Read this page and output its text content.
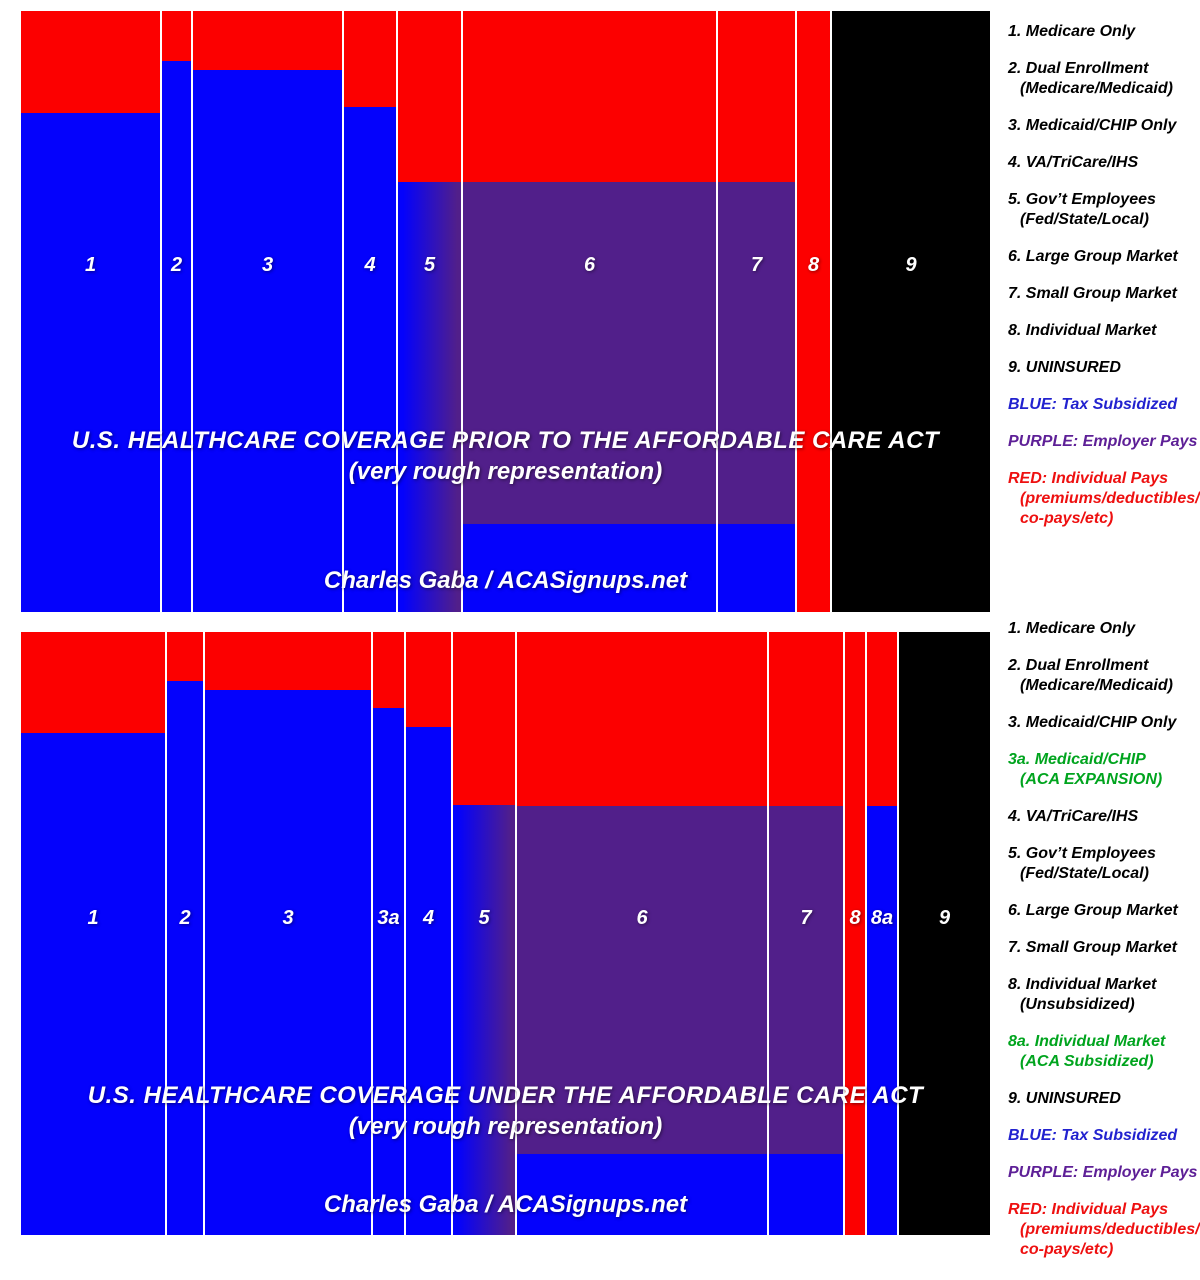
1	2	3	4	5	6	7	8	9
U.S. HEALTHCARE COVERAGE PRIOR TO THE AFFORDABLE CARE ACT
(very rough representation)
Charles Gaba / ACASignups.net
1	2	3	3a	4	5	6	7	8 8a	9
U.S. HEALTHCARE COVERAGE UNDER THE AFFORDABLE CARE ACT
(very rough representation)
Charles Gaba / ACASignups.net
1. Medicare Only
2. Dual Enrollment
(Medicare/Medicaid)
3. Medicaid/CHIP Only
4. VA/TriCare/IHS
5. Gov’t Employees
(Fed/State/Local)
6. Large Group Market
7. Small Group Market
8. Individual Market
9. UNINSURED
BLUE: Tax Subsidized
PURPLE: Employer Pays
RED: Individual Pays
(premiums/deductibles/
co-pays/etc)
1. Medicare Only
2. Dual Enrollment
(Medicare/Medicaid)
3. Medicaid/CHIP Only
3a. Medicaid/CHIP
(ACA EXPANSION)
4. VA/TriCare/IHS
5. Gov’t Employees
(Fed/State/Local)
6. Large Group Market
7. Small Group Market
8. Individual Market
(Unsubsidized)
8a. Individual Market
(ACA Subsidized)
9. UNINSURED
BLUE: Tax Subsidized
PURPLE: Employer Pays
RED: Individual Pays
(premiums/deductibles/
co-pays/etc)
